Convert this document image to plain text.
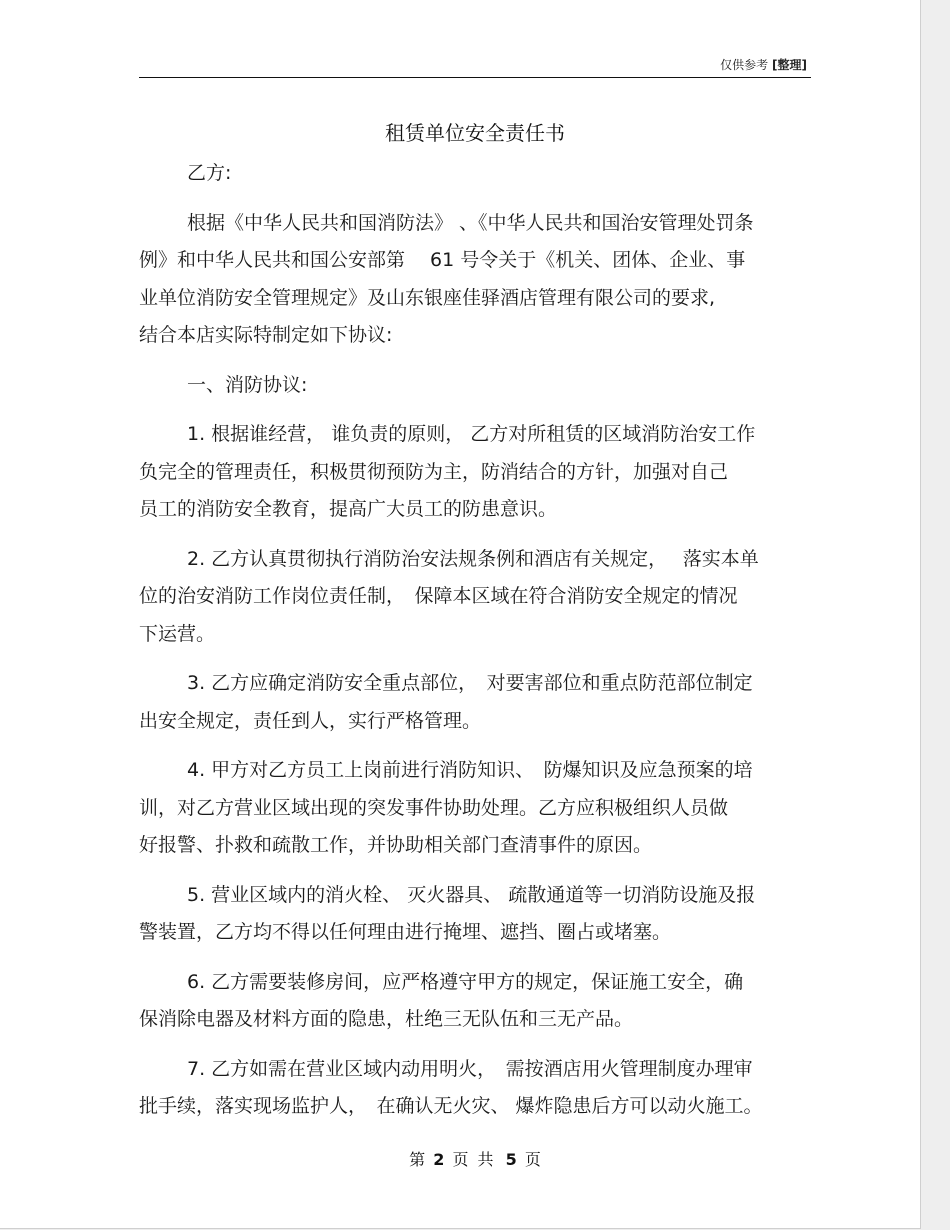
仅供参考 [整理]
租赁单位安全责任书
乙方:
根据《中华人民共和国消防法》 、《中华人民共和国治安管理处罚条
例》和中华人民共和国公安部第　 61 号令关于《机关、团体、企业、事
业单位消防安全管理规定》及山东银座佳驿酒店管理有限公司的要求,
结合本店实际特制定如下协议:
一、消防协议:
1. 根据谁经营， 谁负责的原则， 乙方对所租赁的区域消防治安工作
负完全的管理责任，积极贯彻预防为主，防消结合的方针，加强对自己
员工的消防安全教育，提高广大员工的防患意识。
2. 乙方认真贯彻执行消防治安法规条例和酒店有关规定，　 落实本单
位的治安消防工作岗位责任制，　保障本区域在符合消防安全规定的情况
下运营。
3. 乙方应确定消防安全重点部位，　对要害部位和重点防范部位制定
出安全规定，责任到人，实行严格管理。
4. 甲方对乙方员工上岗前进行消防知识、　防爆知识及应急预案的培
训，对乙方营业区域出现的突发事件协助处理。乙方应积极组织人员做
好报警、扑救和疏散工作，并协助相关部门查清事件的原因。
5. 营业区域内的消火栓、 灭火器具、 疏散通道等一切消防设施及报
警装置，乙方均不得以任何理由进行掩埋、遮挡、圈占或堵塞。
6. 乙方需要装修房间，应严格遵守甲方的规定，保证施工安全，确
保消除电器及材料方面的隐患，杜绝三无队伍和三无产品。
7. 乙方如需在营业区域内动用明火，　需按酒店用火管理制度办理审
批手续，落实现场监护人，　在确认无火灾、 爆炸隐患后方可以动火施工。
第 2 页 共 5 页
